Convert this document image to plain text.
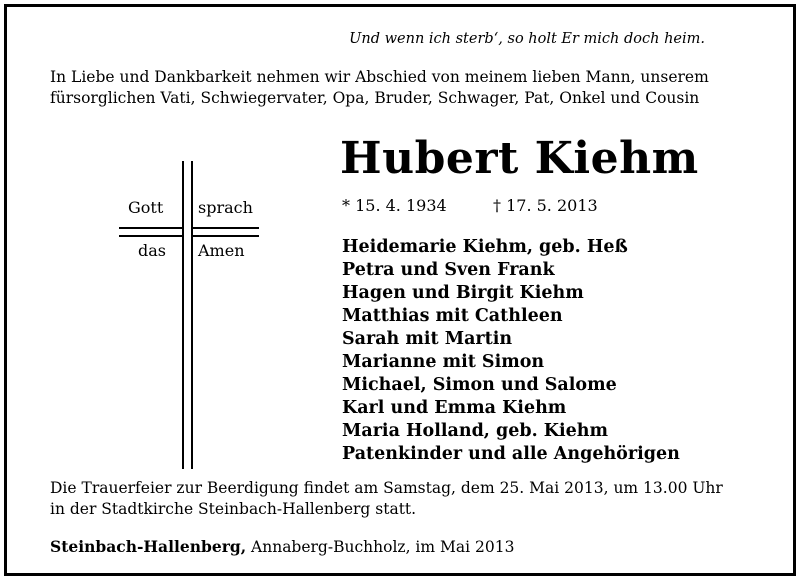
Und wenn ich sterb‘, so holt Er mich doch heim.
In Liebe und Dankbarkeit nehmen wir Abschied von meinem lieben Mann, unserem
fürsorglichen Vati, Schwiegervater, Opa, Bruder, Schwager, Pat, Onkel und Cousin
Gott sprach
das Amen
Hubert Kiehm
* 15. 4. 1934	† 17. 5. 2013
Heidemarie Kiehm, geb. Heß
Petra und Sven Frank
Hagen und Birgit Kiehm
Matthias mit Cathleen
Sarah mit Martin
Marianne mit Simon
Michael, Simon und Salome
Karl und Emma Kiehm
Maria Holland, geb. Kiehm
Patenkinder und alle Angehörigen
Die Trauerfeier zur Beerdigung findet am Samstag, dem 25. Mai 2013, um 13.00 Uhr
in der Stadtkirche Steinbach-Hallenberg statt.
Steinbach-Hallenberg, Annaberg-Buchholz, im Mai 2013
